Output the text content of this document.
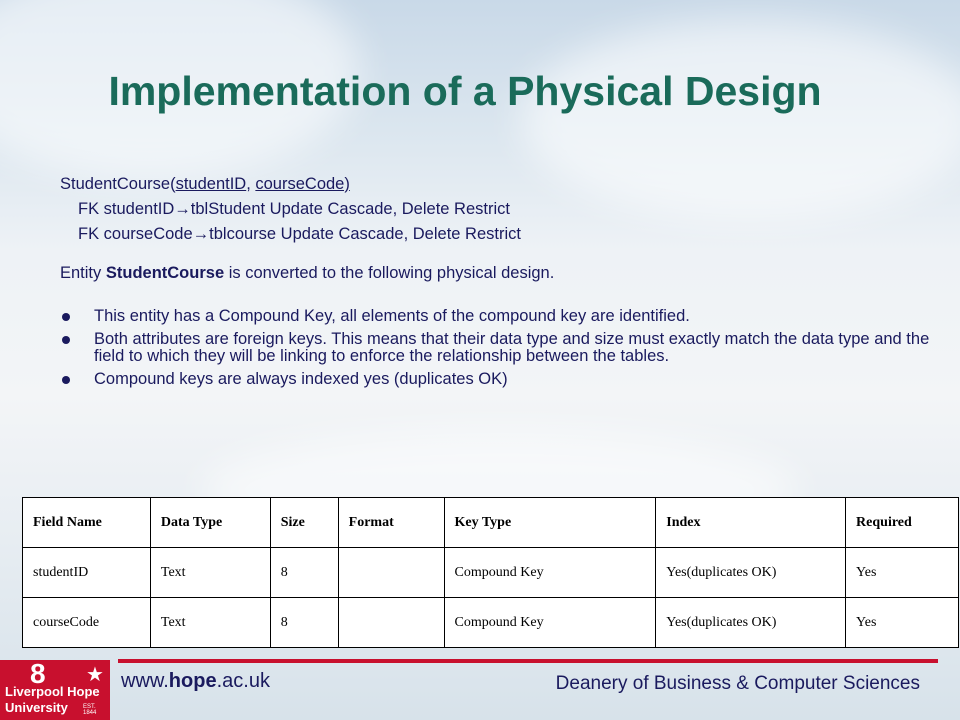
Implementation of a Physical Design

StudentCourse(studentID, courseCode)

FK studentID→tblStudent Update Cascade, Delete Restrict

FK courseCode→tblcourse Update Cascade, Delete Restrict

Entity StudentCourse is converted to the following physical design.

This entity has a Compound Key, all elements of the compound key are identified.
Both attributes are foreign keys. This means that their data type and size must exactly match the data type and the field to which they will be linking to enforce the relationship between the tables.
Compound keys are always indexed yes (duplicates OK)
Field Name	Data Type	Size	Format	Key Type	Index	Required
studentID	Text	8		Compound Key	Yes(duplicates OK)	Yes
courseCode	Text	8		Compound Key	Yes(duplicates OK)	Yes
8 ★
Liverpool Hope
University	EST. 1844
www.hope.ac.uk	Deanery of Business & Computer Sciences
